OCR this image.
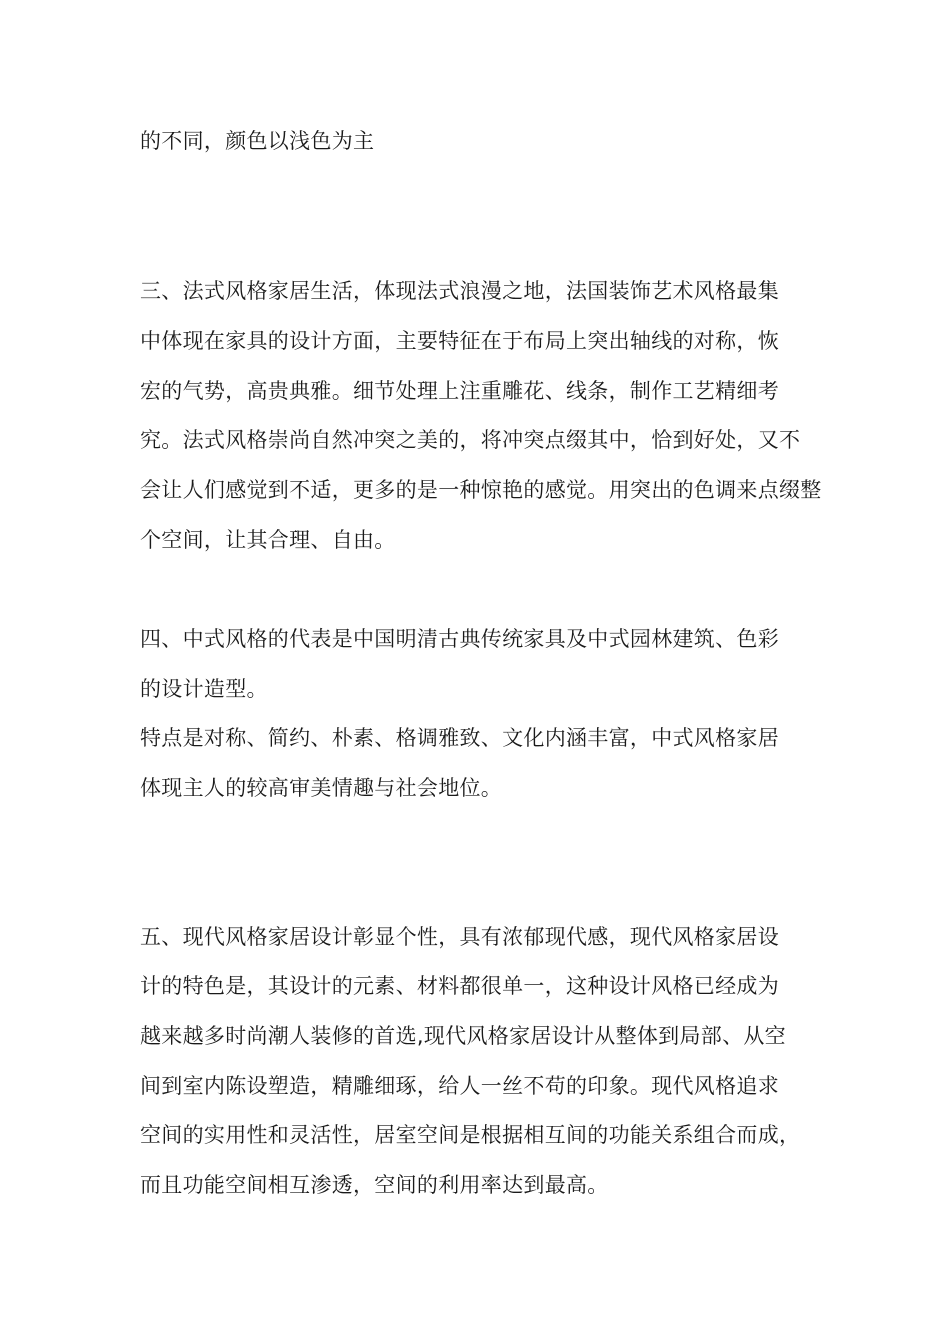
的不同，颜色以浅色为主
三、法式风格家居生活，体现法式浪漫之地，法国装饰艺术风格最集
中体现在家具的设计方面，主要特征在于布局上突出轴线的对称，恢
宏的气势，高贵典雅。细节处理上注重雕花、线条，制作工艺精细考
究。法式风格崇尚自然冲突之美的，将冲突点缀其中，恰到好处，又不
会让人们感觉到不适，更多的是一种惊艳的感觉。用突出的色调来点缀整
个空间，让其合理、自由。
四、中式风格的代表是中国明清古典传统家具及中式园林建筑、色彩
的设计造型。
特点是对称、简约、朴素、格调雅致、文化内涵丰富，中式风格家居
体现主人的较高审美情趣与社会地位。
五、现代风格家居设计彰显个性，具有浓郁现代感，现代风格家居设
计的特色是，其设计的元素、材料都很单一，这种设计风格已经成为
越来越多时尚潮人装修的首选,现代风格家居设计从整体到局部、从空
间到室内陈设塑造，精雕细琢，给人一丝不苟的印象。现代风格追求
空间的实用性和灵活性，居室空间是根据相互间的功能关系组合而成，
而且功能空间相互渗透，空间的利用率达到最高。
